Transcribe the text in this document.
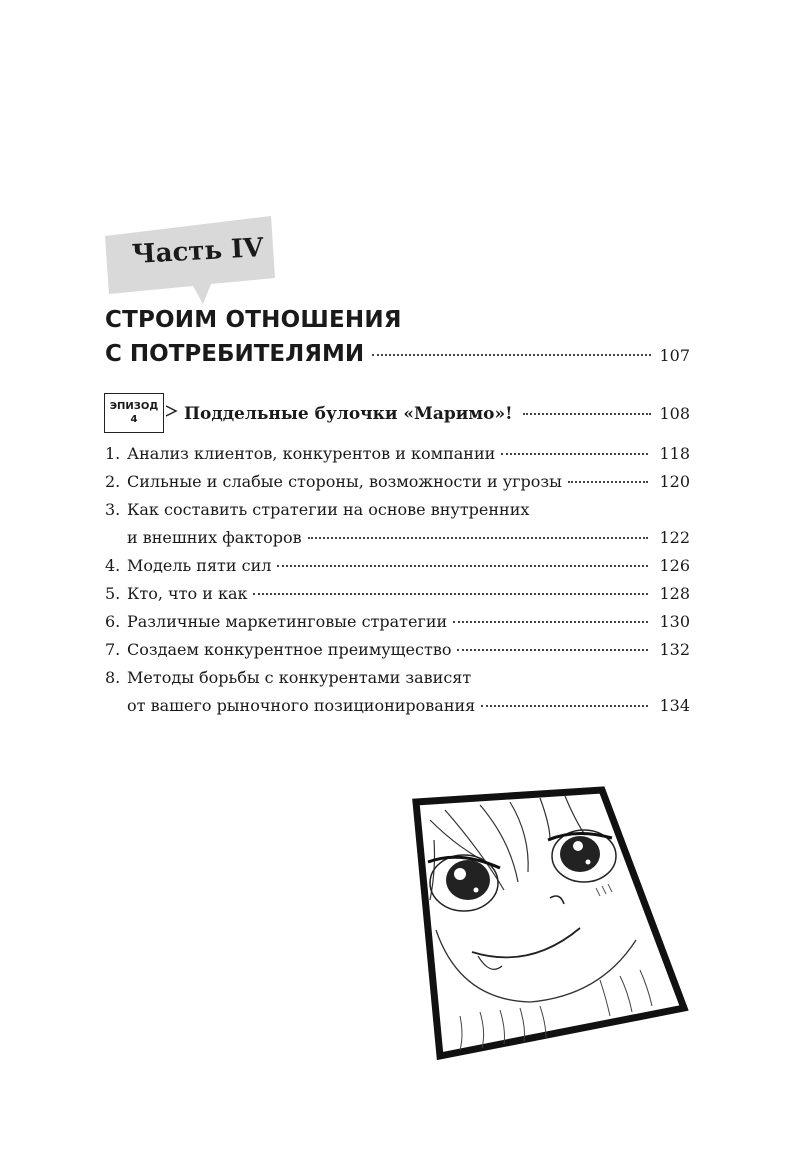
Часть IV
СТРОИМ ОТНОШЕНИЯ
С ПОТРЕБИТЕЛЯМИ	107
ЭПИЗОД
4	Поддельные булочки «Маримо»!	108
1. Анализ клиентов, конкурентов и компании	118
2. Сильные и слабые стороны, возможности и угрозы	120
3. Как составить стратегии на основе внутренних
и внешних факторов	122
4. Модель пяти сил	126
5. Кто, что и как	128
6. Различные маркетинговые стратегии	130
7. Создаем конкурентное преимущество	132
8. Методы борьбы с конкурентами зависят
от вашего рыночного позиционирования	134
